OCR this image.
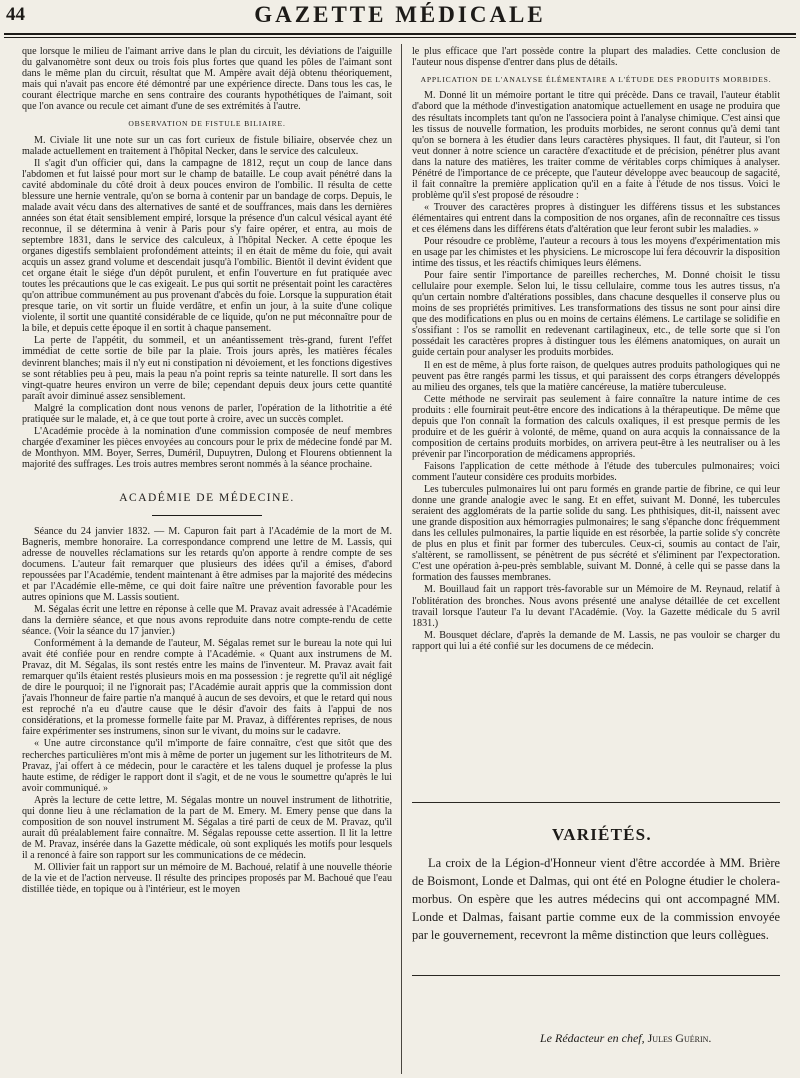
44	GAZETTE MÉDICALE

que lorsque le milieu de l'aimant arrive dans le plan du circuit, les déviations de l'aiguille du galvanomètre sont deux ou trois fois plus fortes que quand les pôles de l'aimant sont dans le même plan du circuit, résultat que M. Ampère avait déjà obtenu théoriquement, mais qui n'avait pas encore été démontré par une expérience directe. Dans tous les cas, le courant électrique marche en sens contraire des courants hypothétiques de l'aimant, soit que l'on avance ou recule cet aimant d'une de ses extrémités à l'autre.

OBSERVATION DE FISTULE BILIAIRE.

M. Civiale lit une note sur un cas fort curieux de fistule biliaire, observée chez un malade actuellement en traitement à l'hôpital Necker, dans le service des calculeux.

Il s'agit d'un officier qui, dans la campagne de 1812, reçut un coup de lance dans l'abdomen et fut laissé pour mort sur le champ de bataille. Le coup avait pénétré dans la cavité abdominale du côté droit à deux pouces environ de l'ombilic. Il résulta de cette blessure une hernie ventrale, qu'on se borna à contenir par un bandage de corps. Depuis, le malade avait vécu dans des alternatives de santé et de souffrances, mais dans les dernières années son état était sensiblement empiré, lorsque la présence d'un calcul vésical ayant été reconnue, il se détermina à venir à Paris pour s'y faire opérer, et entra, au mois de septembre 1831, dans le service des calculeux, à l'hôpital Necker. A cette époque les organes digestifs semblaient profondément atteints; il en était de même du foie, qui avait acquis un assez grand volume et descendait jusqu'à l'ombilic. Bientôt il devint évident que cet organe était le siége d'un dépôt purulent, et enfin l'ouverture en fut pratiquée avec toutes les précautions que le cas exigeait. Le pus qui sortit ne présentait point les caractères qu'on attribue communément au pus provenant d'abcès du foie. Lorsque la suppuration était presque tarie, on vit sortir un fluide verdâtre, et enfin un jour, à la suite d'une colique violente, il sortit une quantité considérable de ce liquide, qu'on ne put méconnaître pour de la bile, et depuis cette époque il en sortit à chaque pansement.

La perte de l'appétit, du sommeil, et un anéantissement très-grand, furent l'effet immédiat de cette sortie de bile par la plaie. Trois jours après, les matières fécales devinrent blanches; mais il n'y eut ni constipation ni dévoiement, et les fonctions digestives se sont rétablies peu à peu, mais la peau n'a point repris sa teinte naturelle. Il sort dans les vingt-quatre heures environ un verre de bile; cependant depuis deux jours cette quantité paraît avoir diminué assez sensiblement.

Malgré la complication dont nous venons de parler, l'opération de la lithotritie a été pratiquée sur le malade, et, à ce que tout porte à croire, avec un succès complet.

L'Académie procède à la nomination d'une commission composée de neuf membres chargée d'examiner les pièces envoyées au concours pour le prix de médecine fondé par M. de Monthyon. MM. Boyer, Serres, Duméril, Dupuytren, Dulong et Flourens obtiennent la majorité des suffrages. Les trois autres membres seront nommés à la séance prochaine.

ACADÉMIE DE MÉDECINE.

Séance du 24 janvier 1832. — M. Capuron fait part à l'Académie de la mort de M. Bagneris, membre honoraire. La correspondance comprend une lettre de M. Lassis, qui adresse de nouvelles réclamations sur les retards qu'on apporte à rendre compte de ses documens. L'auteur fait remarquer que plusieurs des idées qu'il a émises, d'abord repoussées par l'Académie, tendent maintenant à être admises par la majorité des médecins et par l'Académie elle-même, ce qui doit faire naître une prévention favorable pour les autres opinions que M. Lassis soutient.

M. Ségalas écrit une lettre en réponse à celle que M. Pravaz avait adressée à l'Académie dans la dernière séance, et que nous avons reproduite dans notre compte-rendu de cette séance. (Voir la séance du 17 janvier.)

Conformément à la demande de l'auteur, M. Ségalas remet sur le bureau la note qui lui avait été confiée pour en rendre compte à l'Académie. « Quant aux instrumens de M. Pravaz, dit M. Ségalas, ils sont restés entre les mains de l'inventeur. M. Pravaz avait fait remarquer qu'ils étaient restés plusieurs mois en ma possession : je regrette qu'il ait négligé de dire le pourquoi; il ne l'ignorait pas; l'Académie aurait appris que la commission dont j'avais l'honneur de faire partie n'a manqué à aucun de ses devoirs, et que le retard qui nous est reproché n'a eu d'autre cause que le désir d'avoir des faits à l'appui de nos considérations, et la promesse formelle faite par M. Pravaz, à différentes reprises, de nous faire expérimenter ses instrumens, sinon sur le vivant, du moins sur le cadavre.

« Une autre circonstance qu'il m'importe de faire connaître, c'est que sitôt que des recherches particulières m'ont mis à même de porter un jugement sur les lithotriteurs de M. Pravaz, j'ai offert à ce médecin, pour le caractère et les talens duquel je professe la plus haute estime, de rédiger le rapport dont il s'agit, et de ne vous le soumettre qu'après le lui avoir communiqué. »

Après la lecture de cette lettre, M. Ségalas montre un nouvel instrument de lithotritie, qui donne lieu à une réclamation de la part de M. Emery. M. Emery pense que dans la composition de son nouvel instrument M. Ségalas a tiré parti de ceux de M. Pravaz, qu'il aurait dû préalablement faire connaître. M. Ségalas repousse cette assertion. Il lit la lettre de M. Pravaz, insérée dans la Gazette médicale, où sont expliqués les motifs pour lesquels il a renoncé à faire son rapport sur les communications de ce médecin.

M. Ollivier fait un rapport sur un mémoire de M. Bachoué, relatif à une nouvelle théorie de la vie et de l'action nerveuse. Il résulte des principes proposés par M. Bachoué que l'eau distillée tiède, en topique ou à l'intérieur, est le moyen

le plus efficace que l'art possède contre la plupart des maladies. Cette conclusion de l'auteur nous dispense d'entrer dans plus de détails.

APPLICATION DE L'ANALYSE ÉLÉMENTAIRE A L'ÉTUDE DES PRODUITS MORBIDES.

M. Donné lit un mémoire portant le titre qui précède. Dans ce travail, l'auteur établit d'abord que la méthode d'investigation anatomique actuellement en usage ne produira que des résultats incomplets tant qu'on ne l'associera point à l'analyse chimique. C'est ainsi que les tissus de nouvelle formation, les produits morbides, ne seront connus qu'à demi tant qu'on se bornera à les étudier dans leurs caractères physiques. Il faut, dit l'auteur, si l'on veut donner à notre science un caractère d'exactitude et de précision, pénétrer plus avant dans la nature des matières, les traiter comme de véritables corps chimiques à analyser. Pénétré de l'importance de ce précepte, que l'auteur développe avec beaucoup de sagacité, il fait connaître la première application qu'il en a faite à l'étude de nos tissus. Voici le problème qu'il s'est proposé de résoudre :

« Trouver des caractères propres à distinguer les différens tissus et les substances élémentaires qui entrent dans la composition de nos organes, afin de reconnaître ces tissus et ces élémens dans les différens états d'altération que leur feront subir les maladies. »

Pour résoudre ce problème, l'auteur a recours à tous les moyens d'expérimentation mis en usage par les chimistes et les physiciens. Le microscope lui fera découvrir la disposition intime des tissus, et les réactifs chimiques leurs élémens.

Pour faire sentir l'importance de pareilles recherches, M. Donné choisit le tissu cellulaire pour exemple. Selon lui, le tissu cellulaire, comme tous les autres tissus, n'a qu'un certain nombre d'altérations possibles, dans chacune desquelles il conserve plus ou moins de ses propriétés primitives. Les transformations des tissus ne sont pour ainsi dire que des modifications en plus ou en moins de certains élémens. Le cartilage se solidifie en s'ossifiant : l'os se ramollit en redevenant cartilagineux, etc., de telle sorte que si l'on possédait les caractères propres à distinguer tous les élémens anatomiques, on aurait un guide certain pour analyser les produits morbides.

Il en est de même, à plus forte raison, de quelques autres produits pathologiques qui ne peuvent pas être rangés parmi les tissus, et qui paraissent des corps étrangers développés au milieu des organes, tels que la matière cancéreuse, la matière tuberculeuse.

Cette méthode ne servirait pas seulement à faire connaître la nature intime de ces produits : elle fournirait peut-être encore des indications à la thérapeutique. De même que depuis que l'on connaît la formation des calculs oxaliques, il est presque permis de les produire et de les guérir à volonté, de même, quand on aura acquis la connaissance de la composition de certains produits morbides, on arrivera peut-être à les neutraliser ou à les prévenir par l'incorporation de médicamens appropriés.

Faisons l'application de cette méthode à l'étude des tubercules pulmonaires; voici comment l'auteur considère ces produits morbides.

Les tubercules pulmonaires lui ont paru formés en grande partie de fibrine, ce qui leur donne une grande analogie avec le sang. Et en effet, suivant M. Donné, les tubercules seraient des agglomérats de la partie solide du sang. Les phthisiques, dit-il, naissent avec une grande disposition aux hémorragies pulmonaires; le sang s'épanche donc fréquemment dans les cellules pulmonaires, la partie liquide en est résorbée, la partie solide s'y concrète de plus en plus et finit par former des tubercules. Ceux-ci, soumis au contact de l'air, s'altèrent, se ramollissent, se pénètrent de pus sécrété et s'éliminent par l'expectoration. C'est une opération à-peu-près semblable, suivant M. Donné, à celle qui se passe dans la formation des fausses membranes.

M. Bouillaud fait un rapport très-favorable sur un Mémoire de M. Reynaud, relatif à l'oblitération des bronches. Nous avons présenté une analyse détaillée de cet excellent travail lorsque l'auteur l'a lu devant l'Académie. (Voy. la Gazette médicale du 5 avril 1831.)

M. Bousquet déclare, d'après la demande de M. Lassis, ne pas vouloir se charger du rapport qui lui a été confié sur les documens de ce médecin.

VARIÉTÉS.

La croix de la Légion-d'Honneur vient d'être accordée à MM. Brière de Boismont, Londe et Dalmas, qui ont été en Pologne étudier le cholera-morbus. On espère que les autres médecins qui ont accompagné MM. Londe et Dalmas, faisant partie comme eux de la commission envoyée par le gouvernement, recevront la même distinction que leurs collègues.

Le Rédacteur en chef, Jules Guérin.
